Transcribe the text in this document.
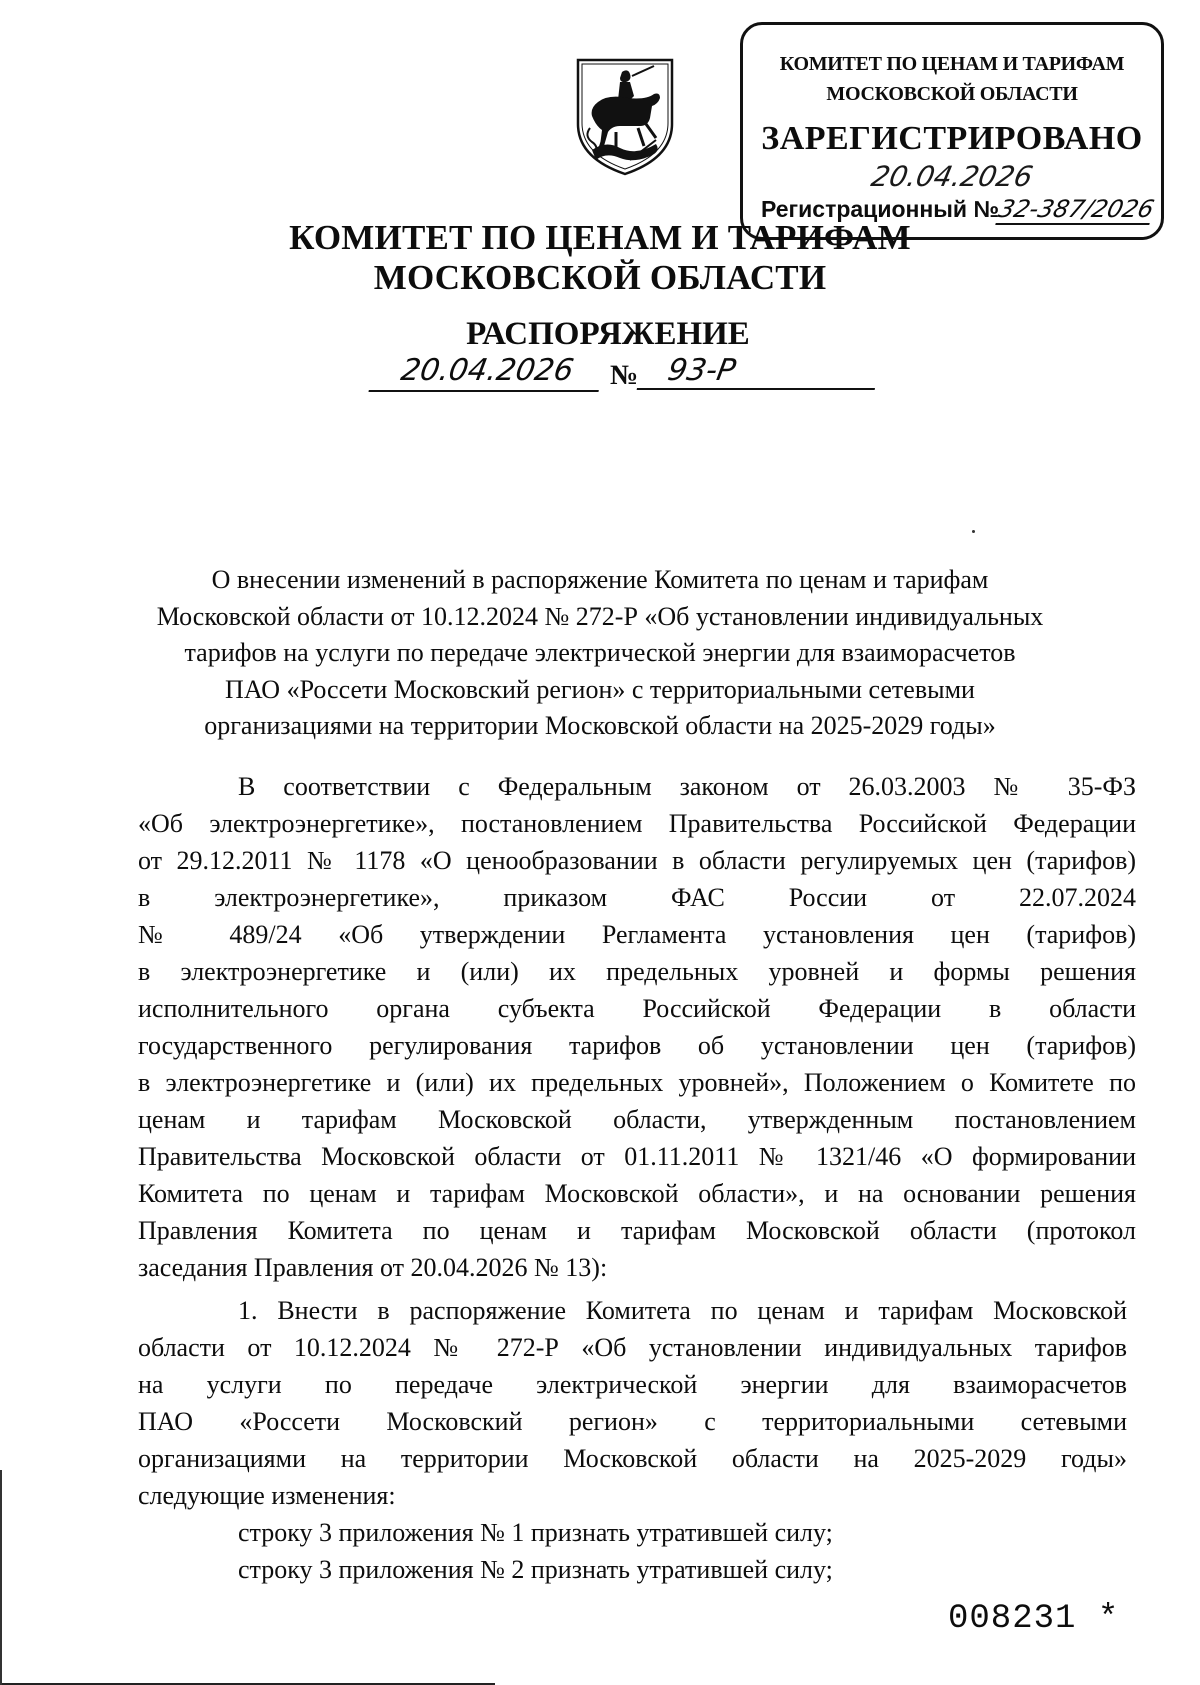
КОМИТЕТ ПО ЦЕНАМ И ТАРИФАМ
МОСКОВСКОЙ ОБЛАСТИ
ЗАРЕГИСТРИРОВАНО
20.04.2026
Регистрационный №32-387/2026
КОМИТЕТ ПО ЦЕНАМ И ТАРИФАМ
МОСКОВСКОЙ ОБЛАСТИ
РАСПОРЯЖЕНИЕ
20.04.2026	№ 93-Р
О внесении изменений в распоряжение Комитета по ценам и тарифам
Московской области от 10.12.2024 № 272-Р «Об установлении индивидуальных
тарифов на услуги по передаче электрической энергии для взаиморасчетов
ПАО «Россети Московский регион» с территориальными сетевыми
организациями на территории Московской области на 2025-2029 годы»
В соответствии с Федеральным законом от 26.03.2003 № 35-ФЗ
«Об электроэнергетике», постановлением Правительства Российской Федерации
от 29.12.2011 № 1178 «О ценообразовании в области регулируемых цен (тарифов)
в электроэнергетике», приказом ФАС России от 22.07.2024
№ 489/24 «Об утверждении Регламента установления цен (тарифов)
в электроэнергетике и (или) их предельных уровней и формы решения
исполнительного органа субъекта Российской Федерации в области
государственного регулирования тарифов об установлении цен (тарифов)
в электроэнергетике и (или) их предельных уровней», Положением о Комитете по
ценам и тарифам Московской области, утвержденным постановлением
Правительства Московской области от 01.11.2011 № 1321/46 «О формировании
Комитета по ценам и тарифам Московской области», и на основании решения
Правления Комитета по ценам и тарифам Московской области (протокол
заседания Правления от 20.04.2026 № 13):
1. Внести в распоряжение Комитета по ценам и тарифам Московской
области от 10.12.2024 № 272-Р «Об установлении индивидуальных тарифов
на услуги по передаче электрической энергии для взаиморасчетов
ПАО «Россети Московский регион» с территориальными сетевыми
организациями на территории Московской области на 2025-2029 годы»
следующие изменения:
строку 3 приложения № 1 признать утратившей силу;
строку 3 приложения № 2 признать утратившей силу;
008231 *
